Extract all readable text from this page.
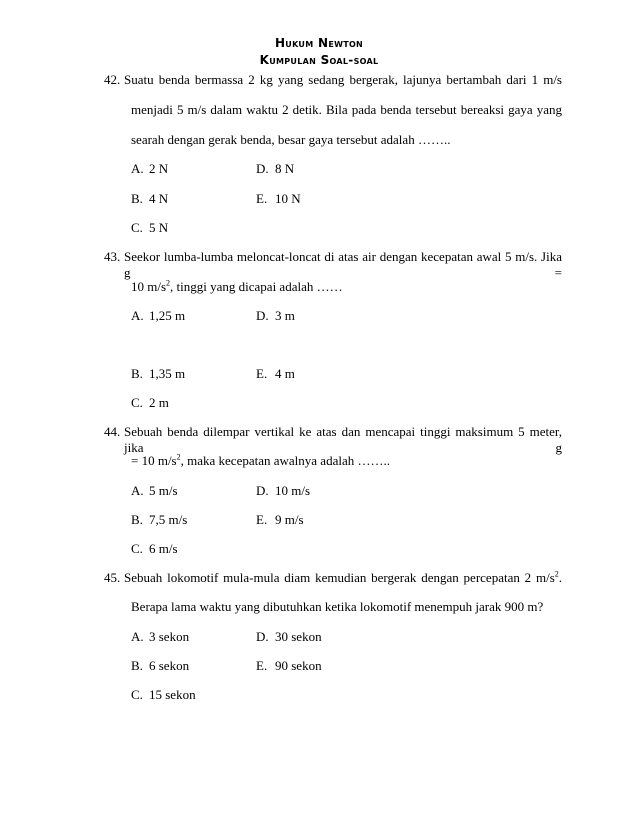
Hukum Newton
Kumpulan Soal-soal
42. Suatu benda bermassa 2 kg yang sedang bergerak, lajunya bertambah dari 1 m/s
menjadi 5 m/s dalam waktu 2 detik. Bila pada benda tersebut bereaksi gaya yang
searah dengan gerak benda, besar gaya tersebut adalah ……..
A. 2 N	D. 8 N
B. 4 N	E. 10 N
C. 5 N
43. Seekor lumba-lumba meloncat-loncat di atas air dengan kecepatan awal 5 m/s. Jika g =
10 $m/s^2$, tinggi yang dicapai adalah ……
A. 1,25 m	D. 3 m
B. 1,35 m	E. 4 m
C. 2 m
44. Sebuah benda dilempar vertikal ke atas dan mencapai tinggi maksimum 5 meter, jika g
= 10 $m/s^2$, maka kecepatan awalnya adalah ……..
A. 5 m/s	D. 10 m/s
B. 7,5 m/s	E. 9 m/s
C. 6 m/s
45. Sebuah lokomotif mula-mula diam kemudian bergerak dengan percepatan 2 $m/s^2$.
Berapa lama waktu yang dibutuhkan ketika lokomotif menempuh jarak 900 m?
A. 3 sekon	D. 30 sekon
B. 6 sekon	E. 90 sekon
C. 15 sekon
